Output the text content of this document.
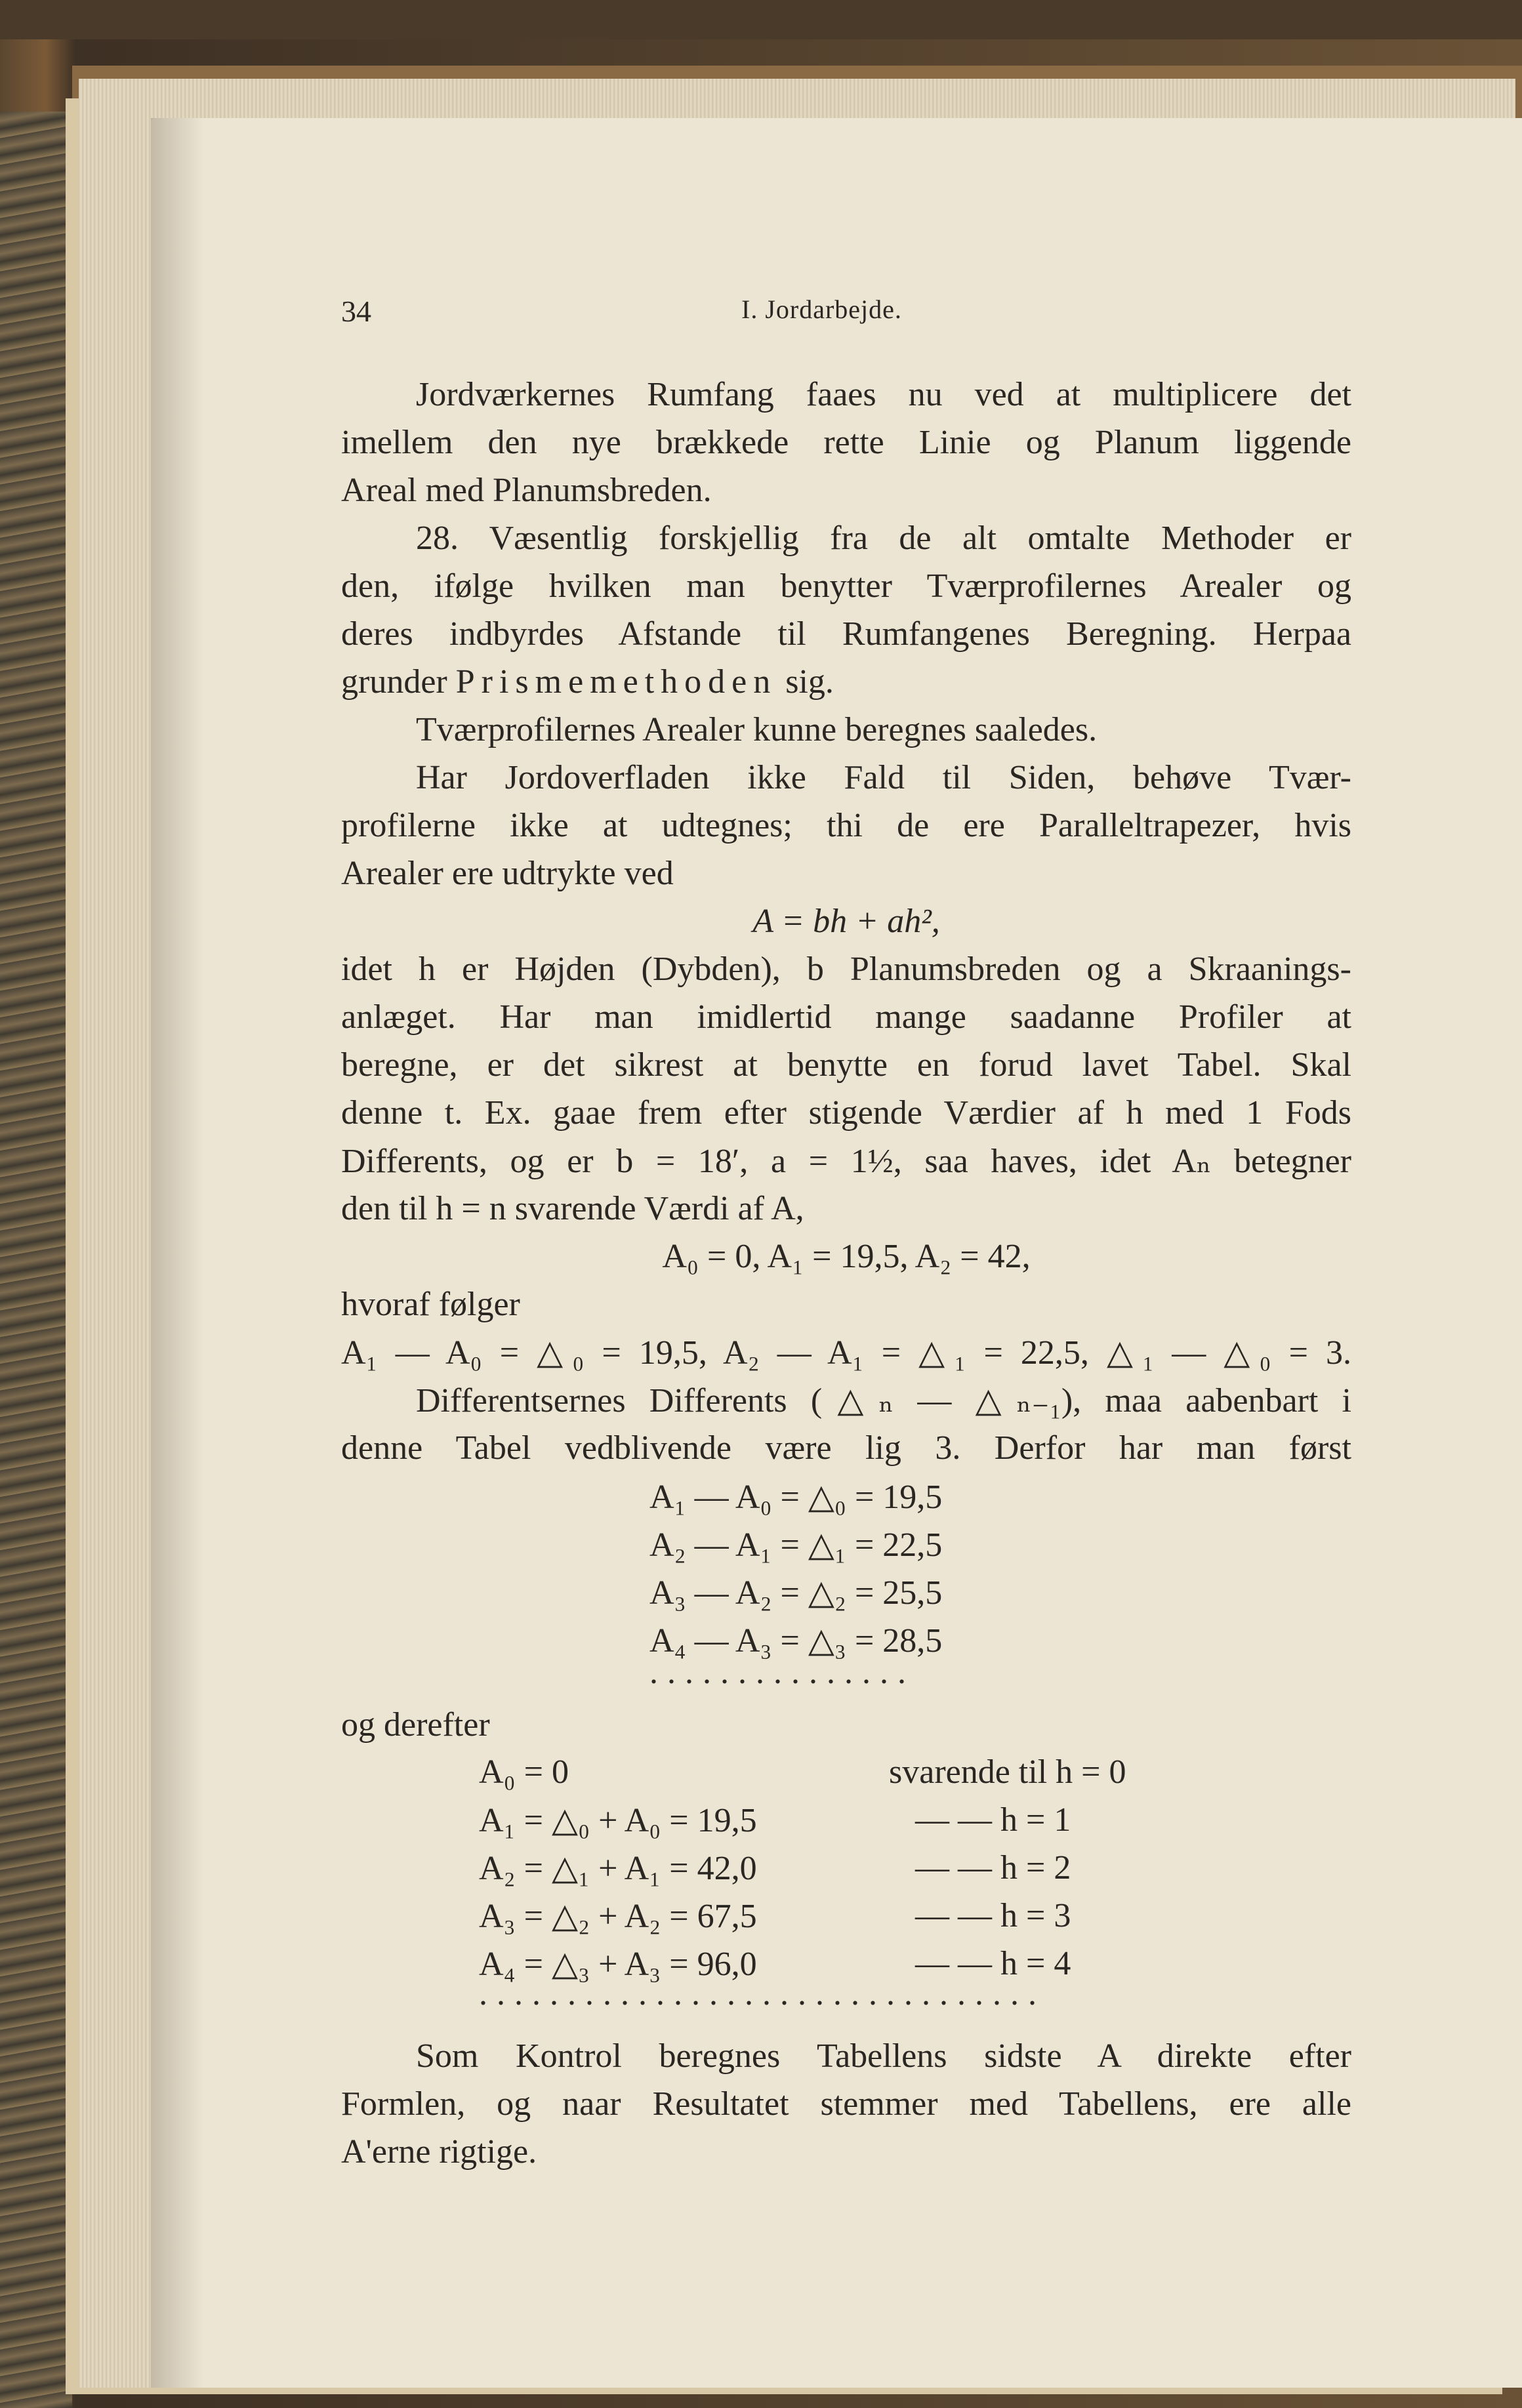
34	I. Jordarbejde.
Jordværkernes Rumfang faaes nu ved at multiplicere det
imellem den nye brækkede rette Linie og Planum liggende
Areal med Planumsbreden.
28. Væsentlig forskjellig fra de alt omtalte Methoder er
den, ifølge hvilken man benytter Tværprofilernes Arealer og
deres indbyrdes Afstande til Rumfangenes Beregning. Herpaa
grunder Prismemethoden sig.
Tværprofilernes Arealer kunne beregnes saaledes.
Har Jordoverfladen ikke Fald til Siden, behøve Tvær-
profilerne ikke at udtegnes; thi de ere Paralleltrapezer, hvis
Arealer ere udtrykte ved
A = bh + ah²,
idet h er Højden (Dybden), b Planumsbreden og a Skraanings-
anlæget. Har man imidlertid mange saadanne Profiler at
beregne, er det sikrest at benytte en forud lavet Tabel. Skal
denne t. Ex. gaae frem efter stigende Værdier af h med 1 Fods
Differents, og er b = 18′, a = 1½, saa haves, idet Aₙ betegner
den til h = n svarende Værdi af A,
A₀ = 0, A₁ = 19,5, A₂ = 42,
hvoraf følger
A₁ — A₀ = △₀ = 19,5, A₂ — A₁ = △₁ = 22,5, △₁ — △₀ = 3.
Differentsernes Differents (△ₙ — △ₙ₋₁), maa aabenbart i
denne Tabel vedblivende være lig 3. Derfor har man først
A₁ — A₀ = △₀ = 19,5
A₂ — A₁ = △₁ = 22,5
A₃ — A₂ = △₂ = 25,5
A₄ — A₃ = △₃ = 28,5
...............
og derefter
A₀ = 0	svarende til h = 0
A₁ = △₀ + A₀ = 19,5	— — h = 1
A₂ = △₁ + A₁ = 42,0	— — h = 2
A₃ = △₂ + A₂ = 67,5	— — h = 3
A₄ = △₃ + A₃ = 96,0	— — h = 4
................................
Som Kontrol beregnes Tabellens sidste A direkte efter
Formlen, og naar Resultatet stemmer med Tabellens, ere alle
A'erne rigtige.
